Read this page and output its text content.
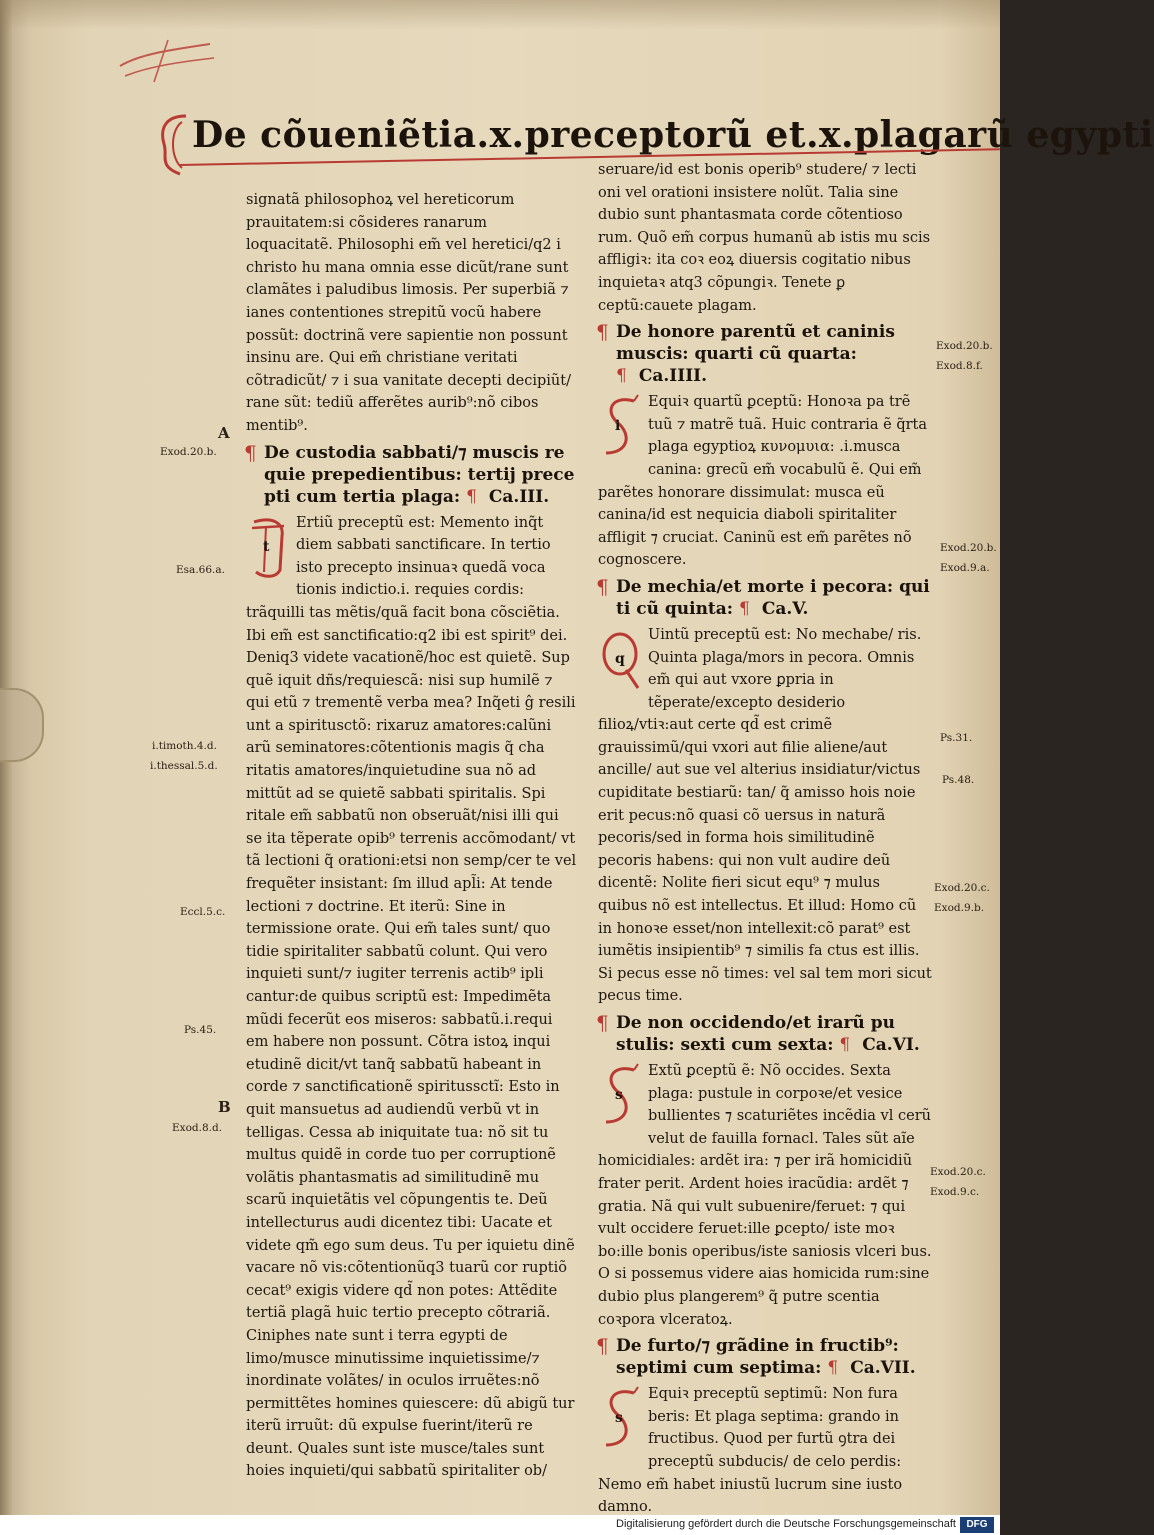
De cõueniẽtia.x.preceptorũ et.x.plagarũ egypti

signatã philosophoꝝ vel hereticorum prauitatem:si cõsideres ranarum loquacitatẽ. Philosophi em̃ vel heretici/q2 i christo hu mana omnia esse dicũt/rane sunt clamãtes i paludibus limosis. Per superbiã ⁊ ianes contentiones strepitũ vocũ habere possũt: doctrinã vere sapientie non possunt insinu are. Qui em̃ christiane veritati cõtradicũt/ ⁊ i sua vanitate decepti decipiũt/ rane sũt: tediũ afferẽtes aurib⁹:nõ cibos mentib⁹.

¶ De custodia sabbati/⁊ muscis re quie prepedientibus: tertij prece pti cum tertia plaga: ¶ Ca.III.
t

Ertiũ preceptũ est: Memento inq̃t diem sabbati sanctificare. In tertio isto precepto insinuaꝛ quedã voca tionis indictio.i. requies cordis: trãquilli tas mẽtis/quã facit bona cõsciẽtia. Ibi em̃ est sanctificatio:q2 ibi est spirit⁹ dei. Deniq3 videte vacationẽ/hoc est quietẽ. Sup quẽ iquit dñs/requiescã: nisi sup humilẽ ⁊ qui etũ ⁊ trementẽ verba mea? Inq̃eti ĝ resili unt a spiritusctõ: rixaruz amatores:calũni arũ seminatores:cõtentionis magis q̃ cha ritatis amatores/inquietudine sua nõ ad mittũt ad se quietẽ sabbati spiritalis. Spi ritale em̃ sabbatũ non obseruãt/nisi illi qui se ita tẽperate opib⁹ terrenis accõmodant/ vt tã lectioni q̃ orationi:etsi non semp/cer te vel frequẽter insistant: ſm illud apl̃i: At tende lectioni ⁊ doctrine. Et iterũ: Sine in termissione orate. Qui em̃ tales sunt/ quo tidie spiritaliter sabbatũ colunt. Qui vero inquieti sunt/⁊ iugiter terrenis actib⁹ ipli cantur:de quibus scriptũ est: Impedimẽta mũdi fecerũt eos miseros: sabbatũ.i.requi em habere non possunt. Cõtra istoꝝ inqui etudinẽ dicit/vt tanq̃ sabbatũ habeant in corde ⁊ sanctificationẽ spiritussctĩ: Esto in quit mansuetus ad audiendũ verbũ vt in telligas. Cessa ab iniquitate tua: nõ sit tu multus quidẽ in corde tuo per corruptionẽ volãtis phantasmatis ad similitudinẽ mu scarũ inquietãtis vel cõpungentis te. Deũ intellecturus audi dicentez tibi: Uacate et videte qm̃ ego sum deus. Tu per iquietu dinẽ vacare nõ vis:cõtentionũq3 tuarũ cor ruptiõ cecat⁹ exigis videre qd̃ non potes: Attẽdite tertiã plagã huic tertio precepto cõtrariã. Ciniphes nate sunt i terra egypti de limo/musce minutissime inquietissime/⁊ inordinate volãtes/ in oculos irruẽtes:nõ permittẽtes homines quiescere: dũ abigũ tur iterũ irruũt: dũ expulse fuerint/iterũ re deunt. Quales sunt iste musce/tales sunt hoies inquieti/qui sabbatũ spiritaliter ob/

seruare/id est bonis operib⁹ studere/ ⁊ lecti oni vel orationi insistere nolũt. Talia sine dubio sunt phantasmata corde cõtentioso rum. Quõ em̃ corpus humanũ ab istis mu scis affligiꝛ: ita coꝛ eoꝝ diuersis cogitatio nibus inquietaꝛ atq3 cõpungiꝛ. Tenete ꝑ ceptũ:cauete plagam.

¶ De honore parentũ et caninis muscis: quarti cũ quarta: ¶ Ca.IIII.
i

Equiꝛ quartũ ꝑceptũ: Honoꝛa pa trẽ tuũ ⁊ matrẽ tuã. Huic contraria ẽ q̃rta plaga egyptioꝝ κυνομυια: .i.musca canina: grecũ em̃ vocabulũ ẽ. Qui em̃ parẽtes honorare dissimulat: musca eũ canina/id est nequicia diaboli spiritaliter affligit ⁊ cruciat. Caninũ est em̃ parẽtes nõ cognoscere.

¶ De mechia/et morte i pecora: qui ti cũ quinta: ¶ Ca.V.
q

Uintũ preceptũ est: No mechabe/ ris. Quinta plaga/mors in pecora. Omnis em̃ qui aut vxore ꝑpria in tẽperate/excepto desiderio filioꝝ/vtiꝛ:aut certe qd̃ est crimẽ grauissimũ/qui vxori aut filie aliene/aut ancille/ aut sue vel alterius insidiatur/victus cupiditate bestiarũ: tan/ q̃ amisso hois noie erit pecus:nõ quasi cõ uersus in naturã pecoris/sed in forma hois similitudinẽ pecoris habens: qui non vult audire deũ dicentẽ: Nolite fieri sicut equ⁹ ⁊ mulus quibus nõ est intellectus. Et illud: Homo cũ in honoꝛe esset/non intellexit:cõ parat⁹ est iumẽtis insipientib⁹ ⁊ similis fa ctus est illis. Si pecus esse nõ times: vel sal tem mori sicut pecus time.

¶ De non occidendo/et irarũ pu stulis: sexti cum sexta: ¶ Ca.VI.
s

Extũ ꝑceptũ ẽ: Nõ occides. Sexta plaga: pustule in corpoꝛe/et vesice bullientes ⁊ scaturiẽtes incẽdia vl cerũ velut de fauilla fornacl. Tales sũt aĩe homicidiales: ardẽt ira: ⁊ per irã homicidiũ frater perit. Ardent hoies iracũdia: ardẽt ⁊ gratia. Nã qui vult subuenire/feruet: ⁊ qui vult occidere feruet:ille ꝑcepto/ iste moꝛ bo:ille bonis operibus/iste saniosis vlceri bus. O si possemus videre aias homicida rum:sine dubio plus plangerem⁹ q̃ putre scentia coꝛpora vlceratoꝝ.

¶ De furto/⁊ grãdine in fructib⁹: septimi cum septima: ¶ Ca.VII.
s

Equiꝛ preceptũ septimũ: Non fura beris: Et plaga septima: grando in fructibus. Quod per furtũ ꝯtra dei preceptũ subducis/ de celo perdis: Nemo em̃ habet iniustũ lucrum sine iusto damno.

A
Exod.20.b.
Esa.66.a.
i.timoth.4.d.
i.thessal.5.d.
Eccl.5.c.
Ps.45.
B
Exod.8.d.
Exod.20.b.
Exod.8.f.
Exod.20.b.
Exod.9.a.
Ps.31.
Ps.48.
Exod.20.c.
Exod.9.b.
Exod.20.c.
Exod.9.c.
Digitalisierung gefördert durch die Deutsche Forschungsgemeinschaft	DFG
